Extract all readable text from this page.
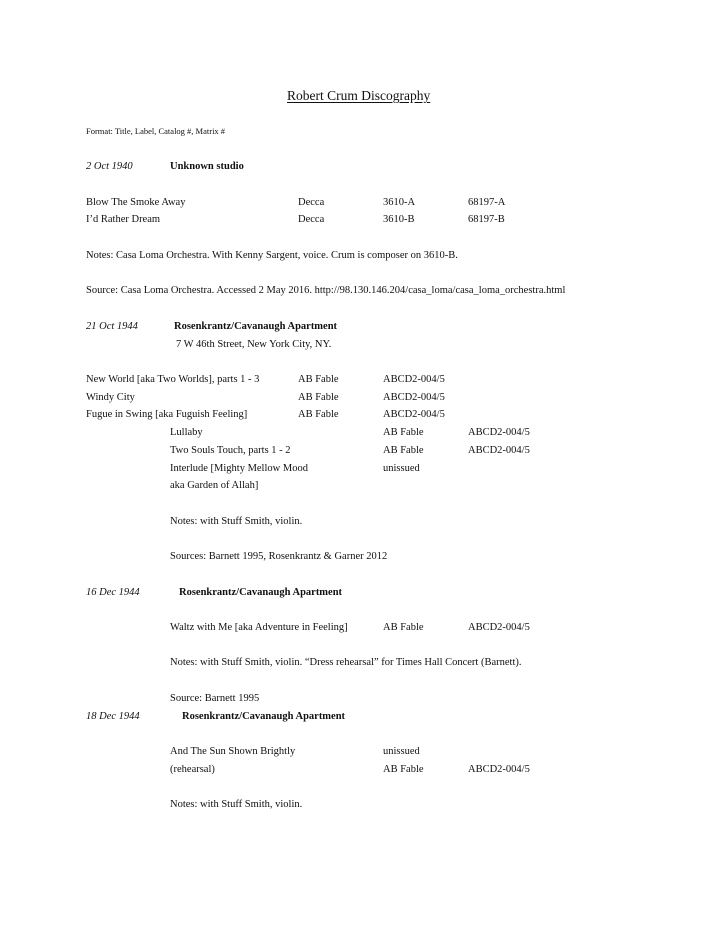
Robert Crum Discography
Format: Title, Label, Catalog #, Matrix #
2 Oct 1940	Unknown studio
Blow The Smoke Away	Decca	3610-A	68197-A
I’d Rather Dream	Decca	3610-B	68197-B
Notes: Casa Loma Orchestra. With Kenny Sargent, voice. Crum is composer on 3610-B.
Source: Casa Loma Orchestra. Accessed 2 May 2016. http://98.130.146.204/casa_loma/casa_loma_orchestra.html
21 Oct 1944	Rosenkrantz/Cavanaugh Apartment
7 W 46th Street, New York City, NY.
New World [aka Two Worlds], parts 1 - 3	AB Fable	ABCD2-004/5
Windy City	AB Fable	ABCD2-004/5
Fugue in Swing [aka Fuguish Feeling]	AB Fable	ABCD2-004/5
Lullaby	AB Fable	ABCD2-004/5
Two Souls Touch, parts 1 - 2	AB Fable	ABCD2-004/5
Interlude [Mighty Mellow Mood	unissued
aka Garden of Allah]
Notes: with Stuff Smith, violin.
Sources: Barnett 1995, Rosenkrantz & Garner 2012
16 Dec 1944	Rosenkrantz/Cavanaugh Apartment
Waltz with Me [aka Adventure in Feeling]	AB Fable	ABCD2-004/5
Notes: with Stuff Smith, violin. “Dress rehearsal” for Times Hall Concert (Barnett).
Source: Barnett 1995
18 Dec 1944	Rosenkrantz/Cavanaugh Apartment
And The Sun Shown Brightly	unissued
(rehearsal)	AB Fable	ABCD2-004/5
Notes: with Stuff Smith, violin.
